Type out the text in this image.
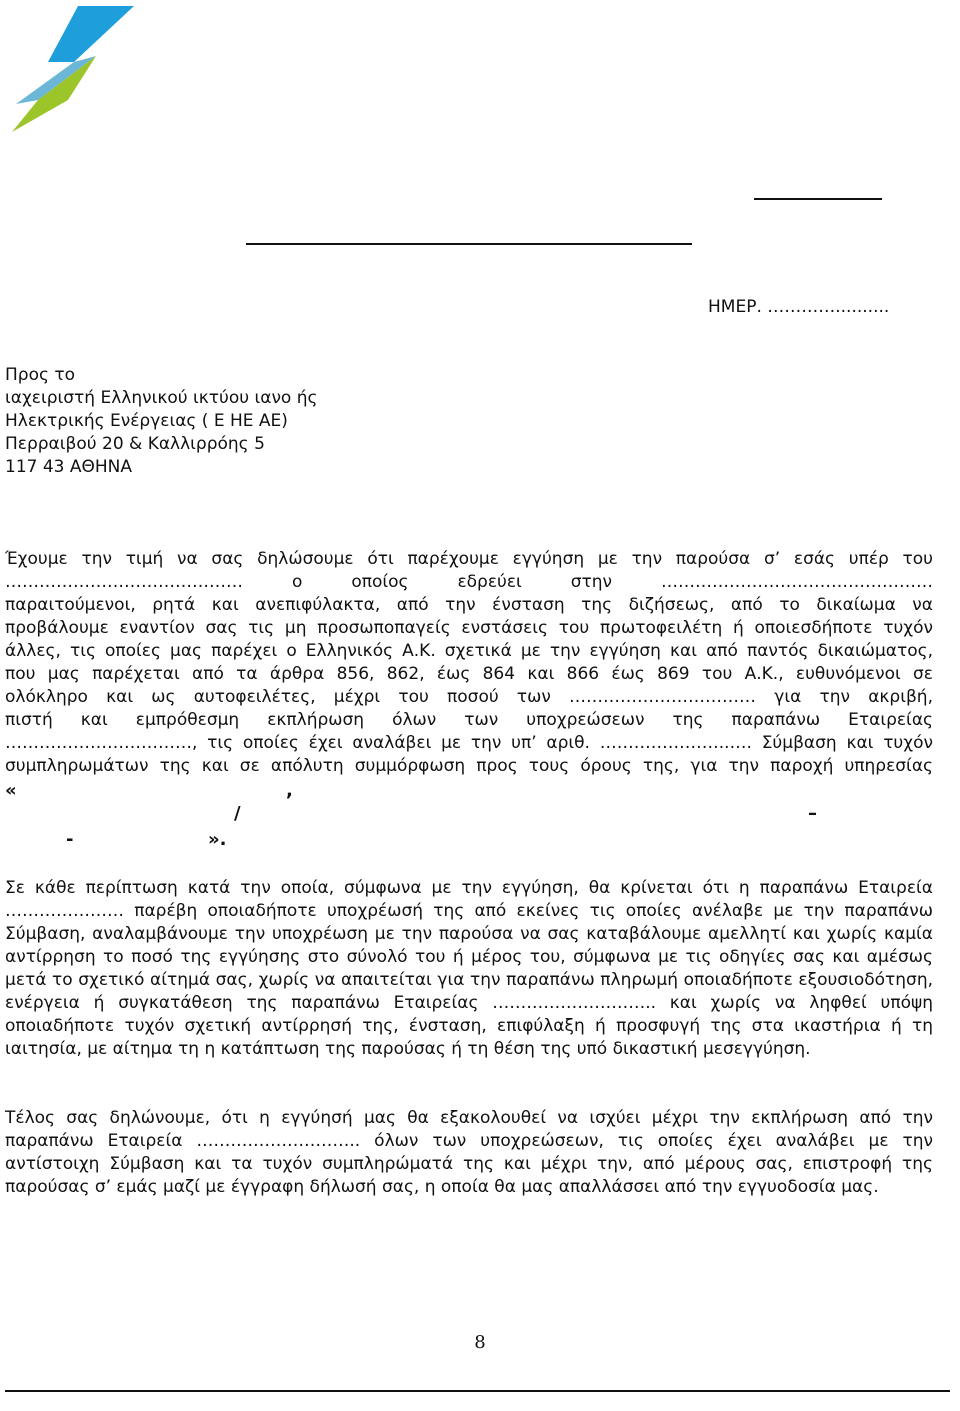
ΗΜΕΡ. …………..........
Προς το
ιαχειριστή Ελληνικού ικτύου ιανο ής
Ηλεκτρικής Ενέργειας ( Ε ΗΕ ΑΕ)
Περραιβού 20 & Καλλιρρόης 5
117 43 ΑΘΗΝΑ

Έχουμε την τιμή να σας δηλώσουμε ότι παρέχουμε εγγύηση με την παρούσα σ’ εσάς υπέρ του

…………………………………… ο οποίος εδρεύει στην …………………………………………

παραιτούμενοι, ρητά και ανεπιφύλακτα, από την ένσταση της διζήσεως, από το δικαίωμα να

προβάλουμε εναντίον σας τις μη προσωποπαγείς ενστάσεις του πρωτοφειλέτη ή οποιεσδήποτε τυχόν

άλλες, τις οποίες μας παρέχει ο Ελληνικός Α.Κ. σχετικά με την εγγύηση και από παντός δικαιώματος,

που μας παρέχεται από τα άρθρα 856, 862, έως 864 και 866 έως 869 του Α.Κ., ευθυνόμενοι σε

ολόκληρο και ως αυτοφειλέτες, μέχρι του ποσού των …………………………… για την ακριβή,

πιστή και εμπρόθεσμη εκπλήρωση όλων των υποχρεώσεων της παραπάνω Εταιρείας

……………………………, τις οποίες έχει αναλάβει με την υπ’ αριθ. …………………..…. Σύμβαση και τυχόν

συμπληρωμάτων της και σε απόλυτη συμμόρφωση προς τους όρους της, για την παροχή υπηρεσίας

«	,
/	–
-	».

Σε κάθε περίπτωση κατά την οποία, σύμφωνα με την εγγύηση, θα κρίνεται ότι η παραπάνω Εταιρεία ………………… παρέβη οποιαδήποτε υποχρέωσή της από εκείνες τις οποίες ανέλαβε με την παραπάνω Σύμβαση, αναλαμβάνουμε την υποχρέωση με την παρούσα να σας καταβάλουμε αμελλητί και χωρίς καμία αντίρρηση το ποσό της εγγύησης στο σύνολό του ή μέρος του, σύμφωνα με τις οδηγίες σας και αμέσως μετά το σχετικό αίτημά σας, χωρίς να απαιτείται για την παραπάνω πληρωμή οποιαδήποτε εξουσιοδότηση, ενέργεια ή συγκατάθεση της παραπάνω Εταιρείας ……………………….. και χωρίς να ληφθεί υπόψη οποιαδήποτε τυχόν σχετική αντίρρησή της, ένσταση, επιφύλαξη ή προσφυγή της στα ικαστήρια ή τη ιαιτησία, με αίτημα τη η κατάπτωση της παρούσας ή τη θέση της υπό δικαστική μεσεγγύηση.

Τέλος σας δηλώνουμε, ότι η εγγύησή μας θα εξακολουθεί να ισχύει μέχρι την εκπλήρωση από την παραπάνω Εταιρεία ……………………….. όλων των υποχρεώσεων, τις οποίες έχει αναλάβει με την αντίστοιχη Σύμβαση και τα τυχόν συμπληρώματά της και μέχρι την, από μέρους σας, επιστροφή της παρούσας σ’ εμάς μαζί με έγγραφη δήλωσή σας, η οποία θα μας απαλλάσσει από την εγγυοδοσία μας.

8
